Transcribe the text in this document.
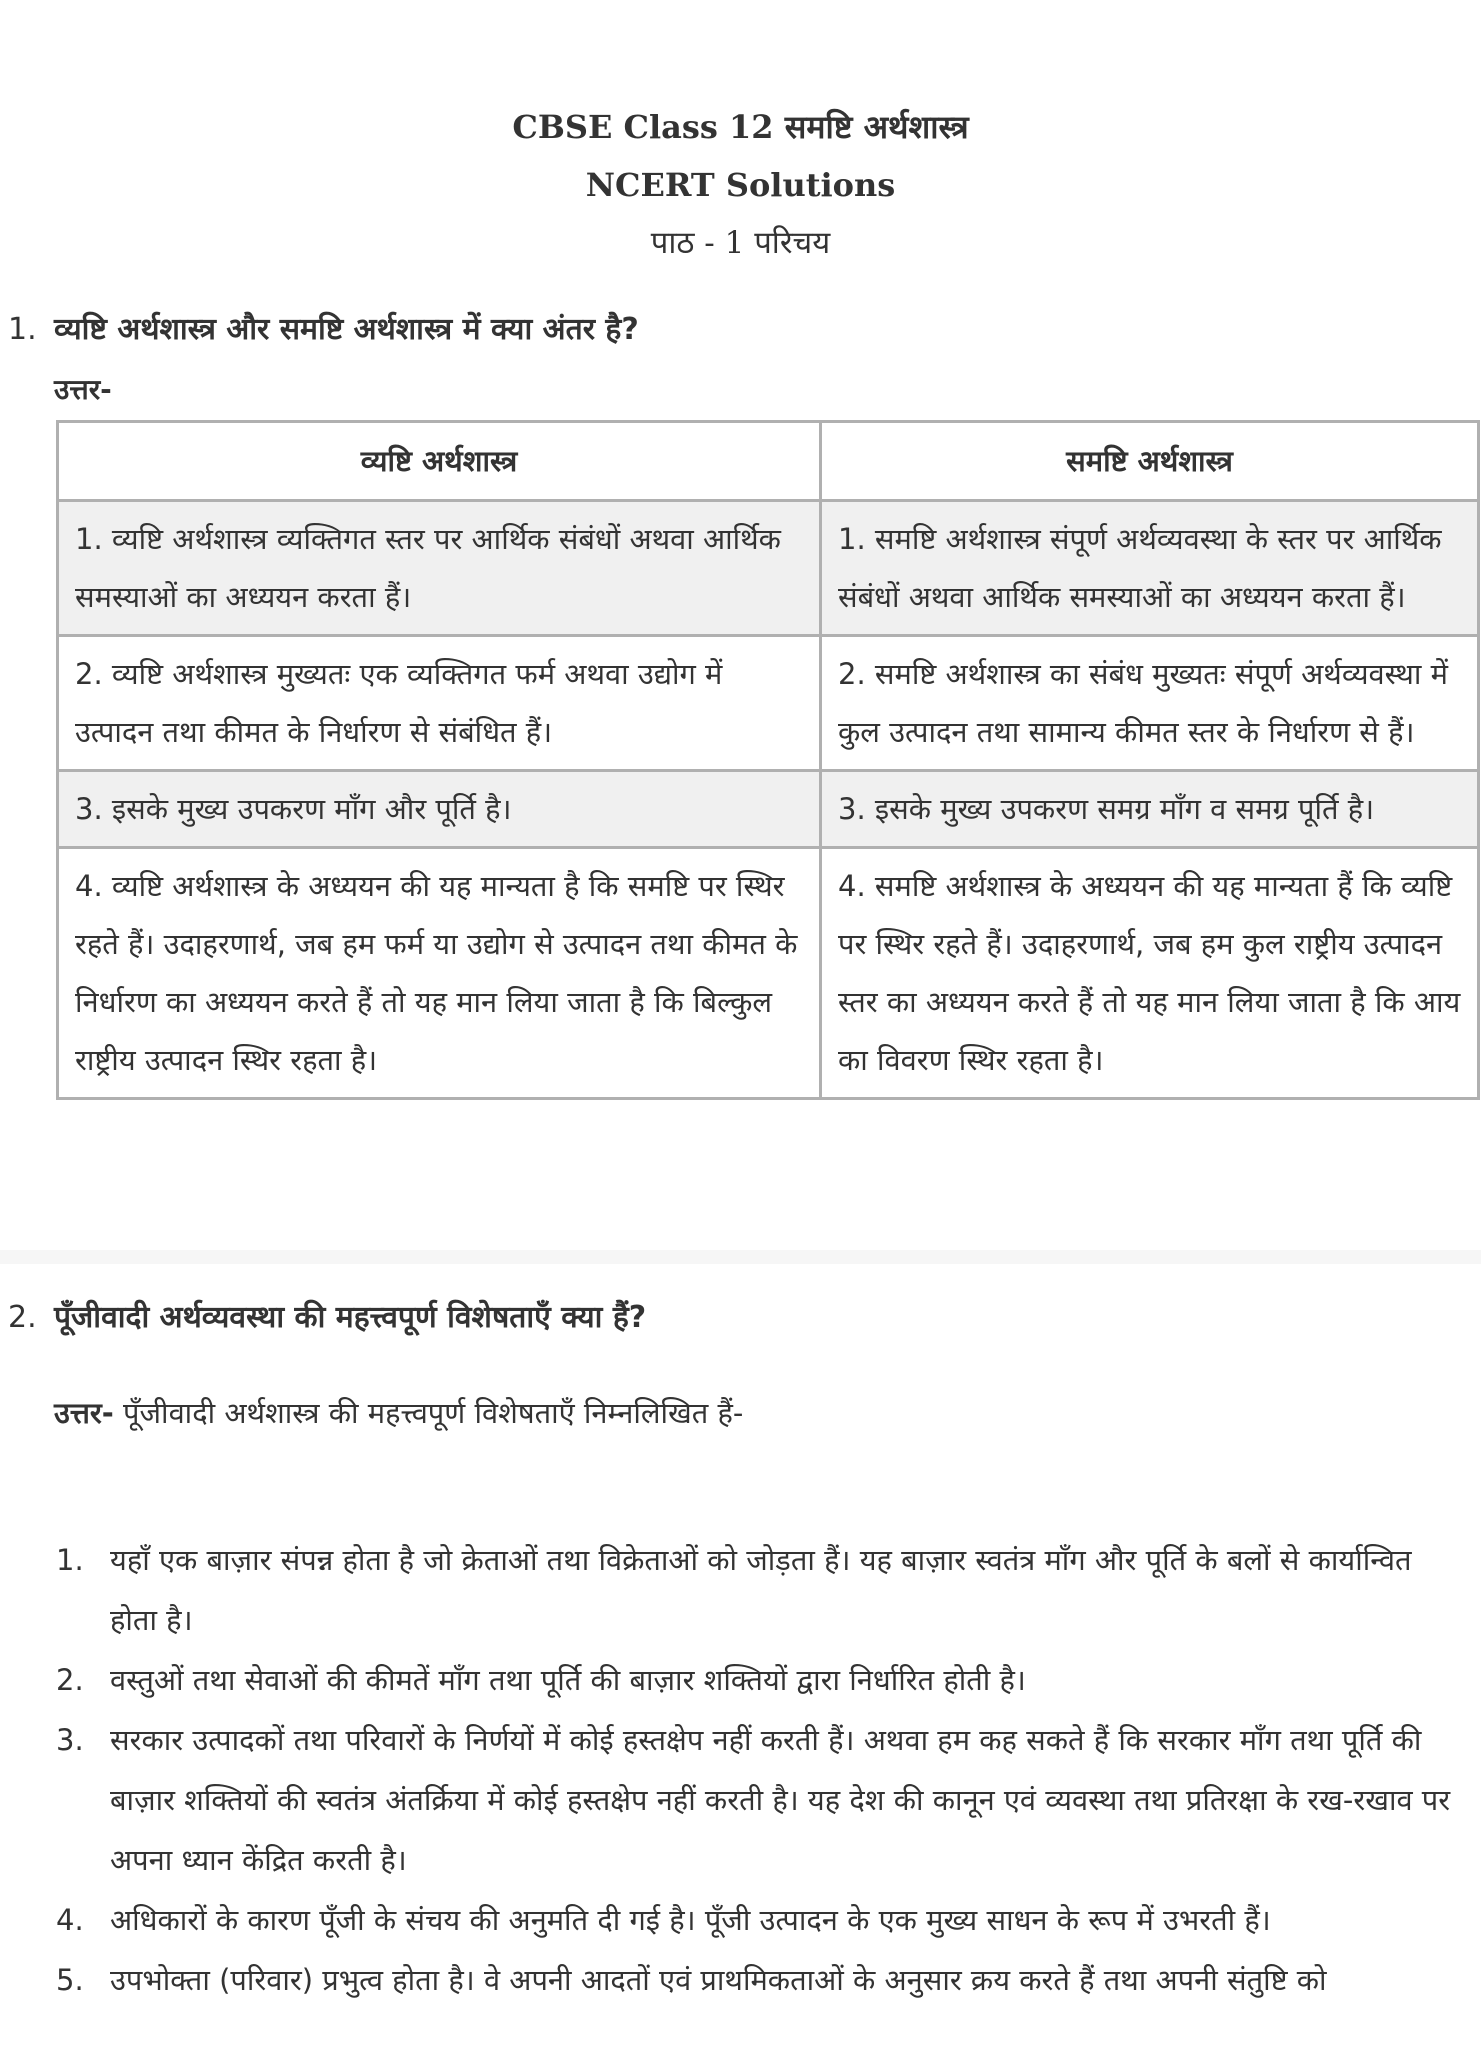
CBSE Class 12 समष्टि अर्थशास्त्र
NCERT Solutions
पाठ - 1 परिचय
1. व्यष्टि अर्थशास्त्र और समष्टि अर्थशास्त्र में क्या अंतर है?
उत्तर-
व्यष्टि अर्थशास्त्र	समष्टि अर्थशास्त्र
1. व्यष्टि अर्थशास्त्र व्यक्तिगत स्तर पर आर्थिक संबंधों अथवा आर्थिक समस्याओं का अध्ययन करता हैं।	1. समष्टि अर्थशास्त्र संपूर्ण अर्थव्यवस्था के स्तर पर आर्थिक संबंधों अथवा आर्थिक समस्याओं का अध्ययन करता हैं।
2. व्यष्टि अर्थशास्त्र मुख्यतः एक व्यक्तिगत फर्म अथवा उद्योग में उत्पादन तथा कीमत के निर्धारण से संबंधित हैं।	2. समष्टि अर्थशास्त्र का संबंध मुख्यतः संपूर्ण अर्थव्यवस्था में कुल उत्पादन तथा सामान्य कीमत स्तर के निर्धारण से हैं।
3. इसके मुख्य उपकरण माँग और पूर्ति है।	3. इसके मुख्य उपकरण समग्र माँग व समग्र पूर्ति है।
4. व्यष्टि अर्थशास्त्र के अध्ययन की यह मान्यता है कि समष्टि पर स्थिर रहते हैं। उदाहरणार्थ, जब हम फर्म या उद्योग से उत्पादन तथा कीमत के निर्धारण का अध्ययन करते हैं तो यह मान लिया जाता है कि बिल्कुल राष्ट्रीय उत्पादन स्थिर रहता है।	4. समष्टि अर्थशास्त्र के अध्ययन की यह मान्यता हैं कि व्यष्टि पर स्थिर रहते हैं। उदाहरणार्थ, जब हम कुल राष्ट्रीय उत्पादन स्तर का अध्ययन करते हैं तो यह मान लिया जाता है कि आय का विवरण स्थिर रहता है।
2. पूँजीवादी अर्थव्यवस्था की महत्त्वपूर्ण विशेषताएँ क्या हैं?
उत्तर- पूँजीवादी अर्थशास्त्र की महत्त्वपूर्ण विशेषताएँ निम्नलिखित हैं-
1. यहाँ एक बाज़ार संपन्न होता है जो क्रेताओं तथा विक्रेताओं को जोड़ता हैं। यह बाज़ार स्वतंत्र माँग और पूर्ति के बलों से कार्यान्वित होता है।
2. वस्तुओं तथा सेवाओं की कीमतें माँग तथा पूर्ति की बाज़ार शक्तियों द्वारा निर्धारित होती है।
3. सरकार उत्पादकों तथा परिवारों के निर्णयों में कोई हस्तक्षेप नहीं करती हैं। अथवा हम कह सकते हैं कि सरकार माँग तथा पूर्ति की बाज़ार शक्तियों की स्वतंत्र अंतर्क्रिया में कोई हस्तक्षेप नहीं करती है। यह देश की कानून एवं व्यवस्था तथा प्रतिरक्षा के रख-रखाव पर अपना ध्यान केंद्रित करती है।
4. अधिकारों के कारण पूँजी के संचय की अनुमति दी गई है। पूँजी उत्पादन के एक मुख्य साधन के रूप में उभरती हैं।
5. उपभोक्ता (परिवार) प्रभुत्व होता है। वे अपनी आदतों एवं प्राथमिकताओं के अनुसार क्रय करते हैं तथा अपनी संतुष्टि को
